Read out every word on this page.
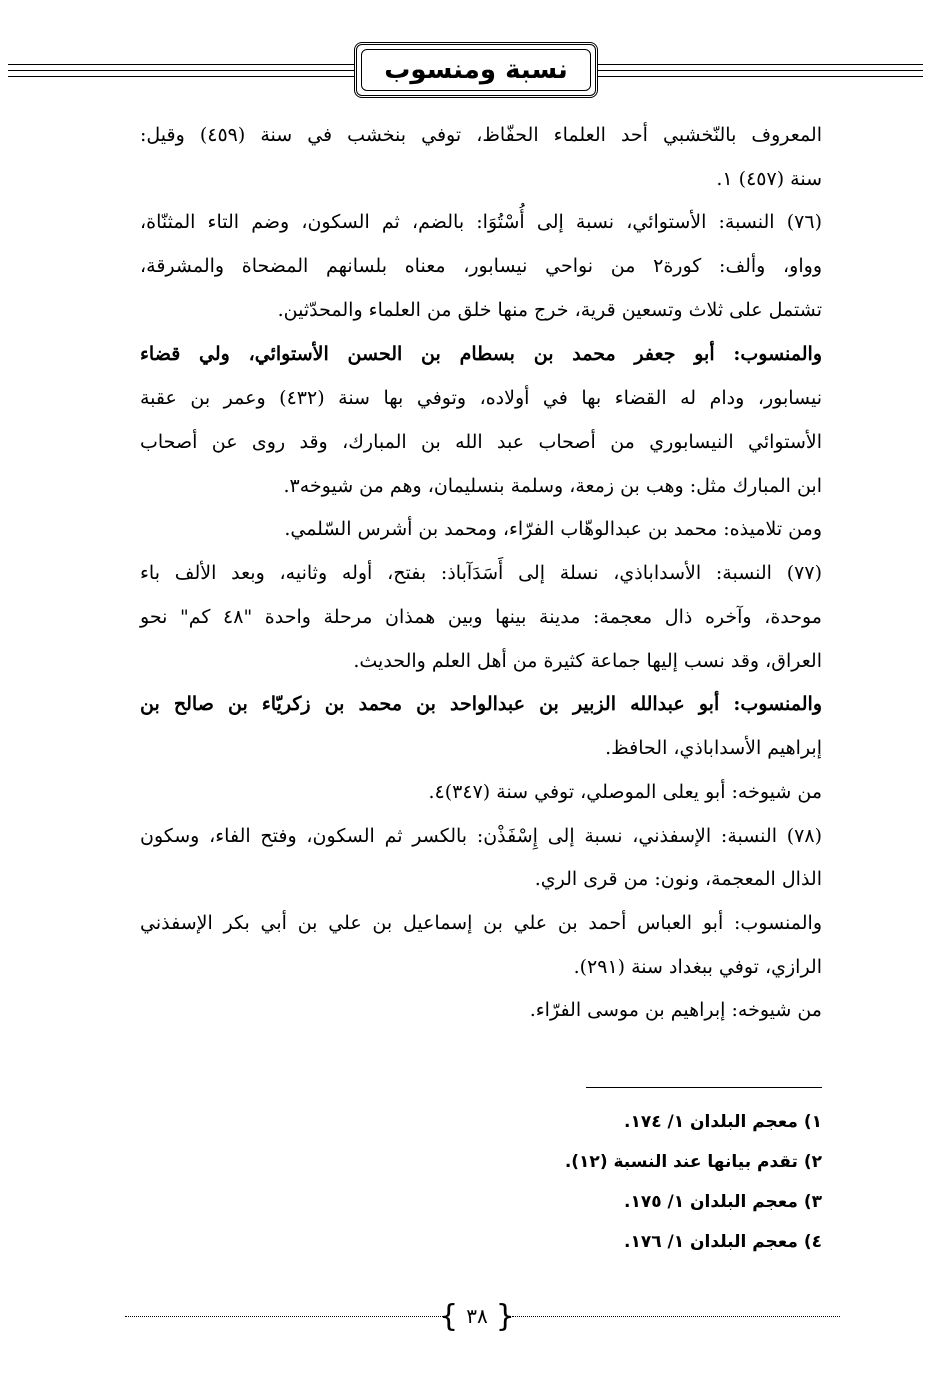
نسبة ومنسوب
المعروف بالنّخشبي أحد العلماء الحفّاظ، توفي بنخشب في سنة (٤٥٩) وقيل:
سنة (٤٥٧) ١.
(٧٦) النسبة: الأستوائي، نسبة إلى أُسْتُوَا: بالضم، ثم السكون، وضم التاء المثنّاة،
وواو، وألف: كورة٢ من نواحي نيسابور، معناه بلسانهم المضحاة والمشرقة،
تشتمل على ثلاث وتسعين قرية، خرج منها خلق من العلماء والمحدّثين.
والمنسوب: أبو جعفر محمد بن بسطام بن الحسن الأستوائي، ولي قضاء
نيسابور، ودام له القضاء بها في أولاده، وتوفي بها سنة (٤٣٢) وعمر بن عقبة
الأستوائي النيسابوري من أصحاب عبد الله بن المبارك، وقد روى عن أصحاب
ابن المبارك مثل: وهب بن زمعة، وسلمة بنسليمان، وهم من شيوخه٣.
ومن تلاميذه: محمد بن عبدالوهّاب الفرّاء، ومحمد بن أشرس السّلمي.
(٧٧) النسبة: الأسداباذي، نسلة إلى أَسَدَآباذ: بفتح، أوله وثانيه، وبعد الألف باء
موحدة، وآخره ذال معجمة: مدينة بينها وبين همذان مرحلة واحدة "٤٨ كم" نحو
العراق، وقد نسب إليها جماعة كثيرة من أهل العلم والحديث.
والمنسوب: أبو عبدالله الزبير بن عبدالواحد بن محمد بن زكريّاء بن صالح بن
إبراهيم الأسداباذي، الحافظ.
من شيوخه: أبو يعلى الموصلي، توفي سنة (٣٤٧)٤.
(٧٨) النسبة: الإسفذني، نسبة إلى إِسْفَذْن: بالكسر ثم السكون، وفتح الفاء، وسكون
الذال المعجمة، ونون: من قرى الري.
والمنسوب: أبو العباس أحمد بن علي بن إسماعيل بن علي بن أبي بكر الإسفذني
الرازي، توفي ببغداد سنة (٢٩١).
من شيوخه: إبراهيم بن موسى الفرّاء.
١) معجم البلدان ١/ ١٧٤.
٢) تقدم بيانها عند النسبة (١٢).
٣) معجم البلدان ١/ ١٧٥.
٤) معجم البلدان ١/ ١٧٦.
{ ٣٨ }
